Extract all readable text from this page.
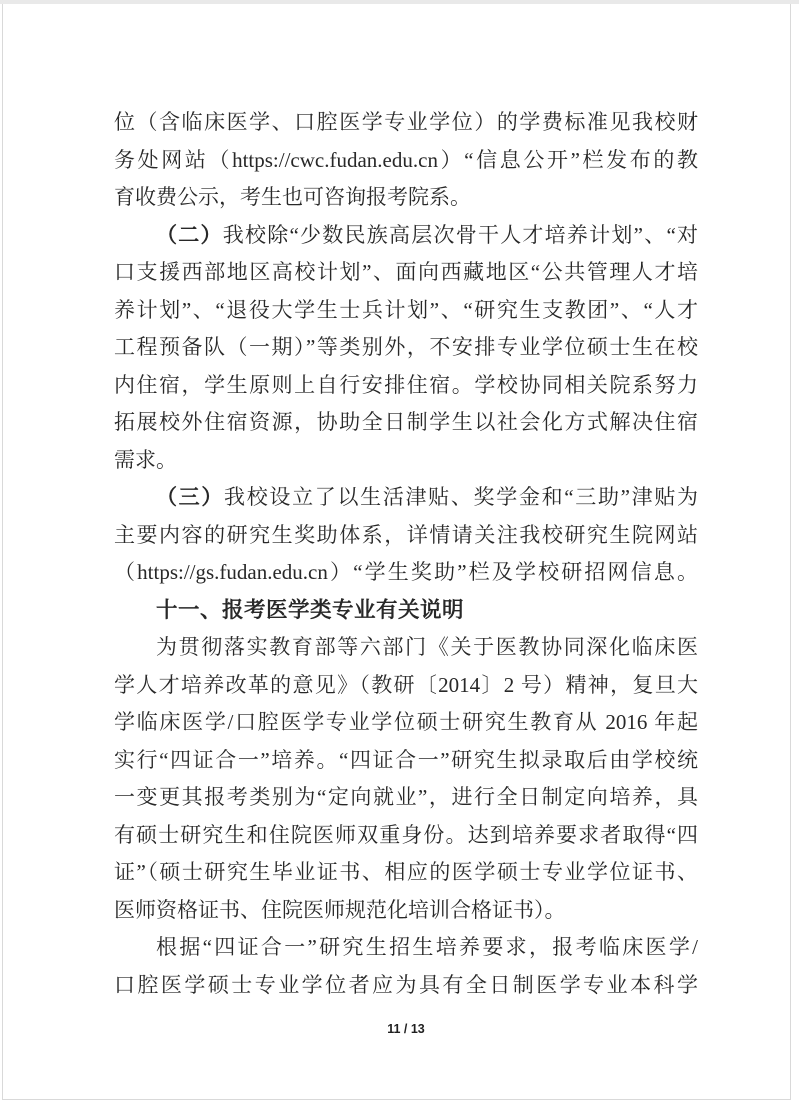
位（含临床医学、口腔医学专业学位）的学费标准见我校财
务处网站（https://cwc.fudan.edu.cn）“信息公开”栏发布的教
育收费公示，考生也可咨询报考院系。
（二）我校除“少数民族高层次骨干人才培养计划”、“对
口支援西部地区高校计划”、面向西藏地区“公共管理人才培
养计划”、“退役大学生士兵计划”、“研究生支教团”、“人才
工程预备队（一期）”等类别外，不安排专业学位硕士生在校
内住宿，学生原则上自行安排住宿。学校协同相关院系努力
拓展校外住宿资源，协助全日制学生以社会化方式解决住宿
需求。
（三）我校设立了以生活津贴、奖学金和“三助”津贴为
主要内容的研究生奖助体系，详情请关注我校研究生院网站
（https://gs.fudan.edu.cn）“学生奖助”栏及学校研招网信息。
十一、报考医学类专业有关说明
为贯彻落实教育部等六部门《关于医教协同深化临床医
学人才培养改革的意见》（教研〔2014〕2 号）精神，复旦大
学临床医学/口腔医学专业学位硕士研究生教育从 2016 年起
实行“四证合一”培养。“四证合一”研究生拟录取后由学校统
一变更其报考类别为“定向就业”，进行全日制定向培养，具
有硕士研究生和住院医师双重身份。达到培养要求者取得“四
证”（硕士研究生毕业证书、相应的医学硕士专业学位证书、
医师资格证书、住院医师规范化培训合格证书）。
根据“四证合一”研究生招生培养要求，报考临床医学/
口腔医学硕士专业学位者应为具有全日制医学专业本科学
11 / 13
